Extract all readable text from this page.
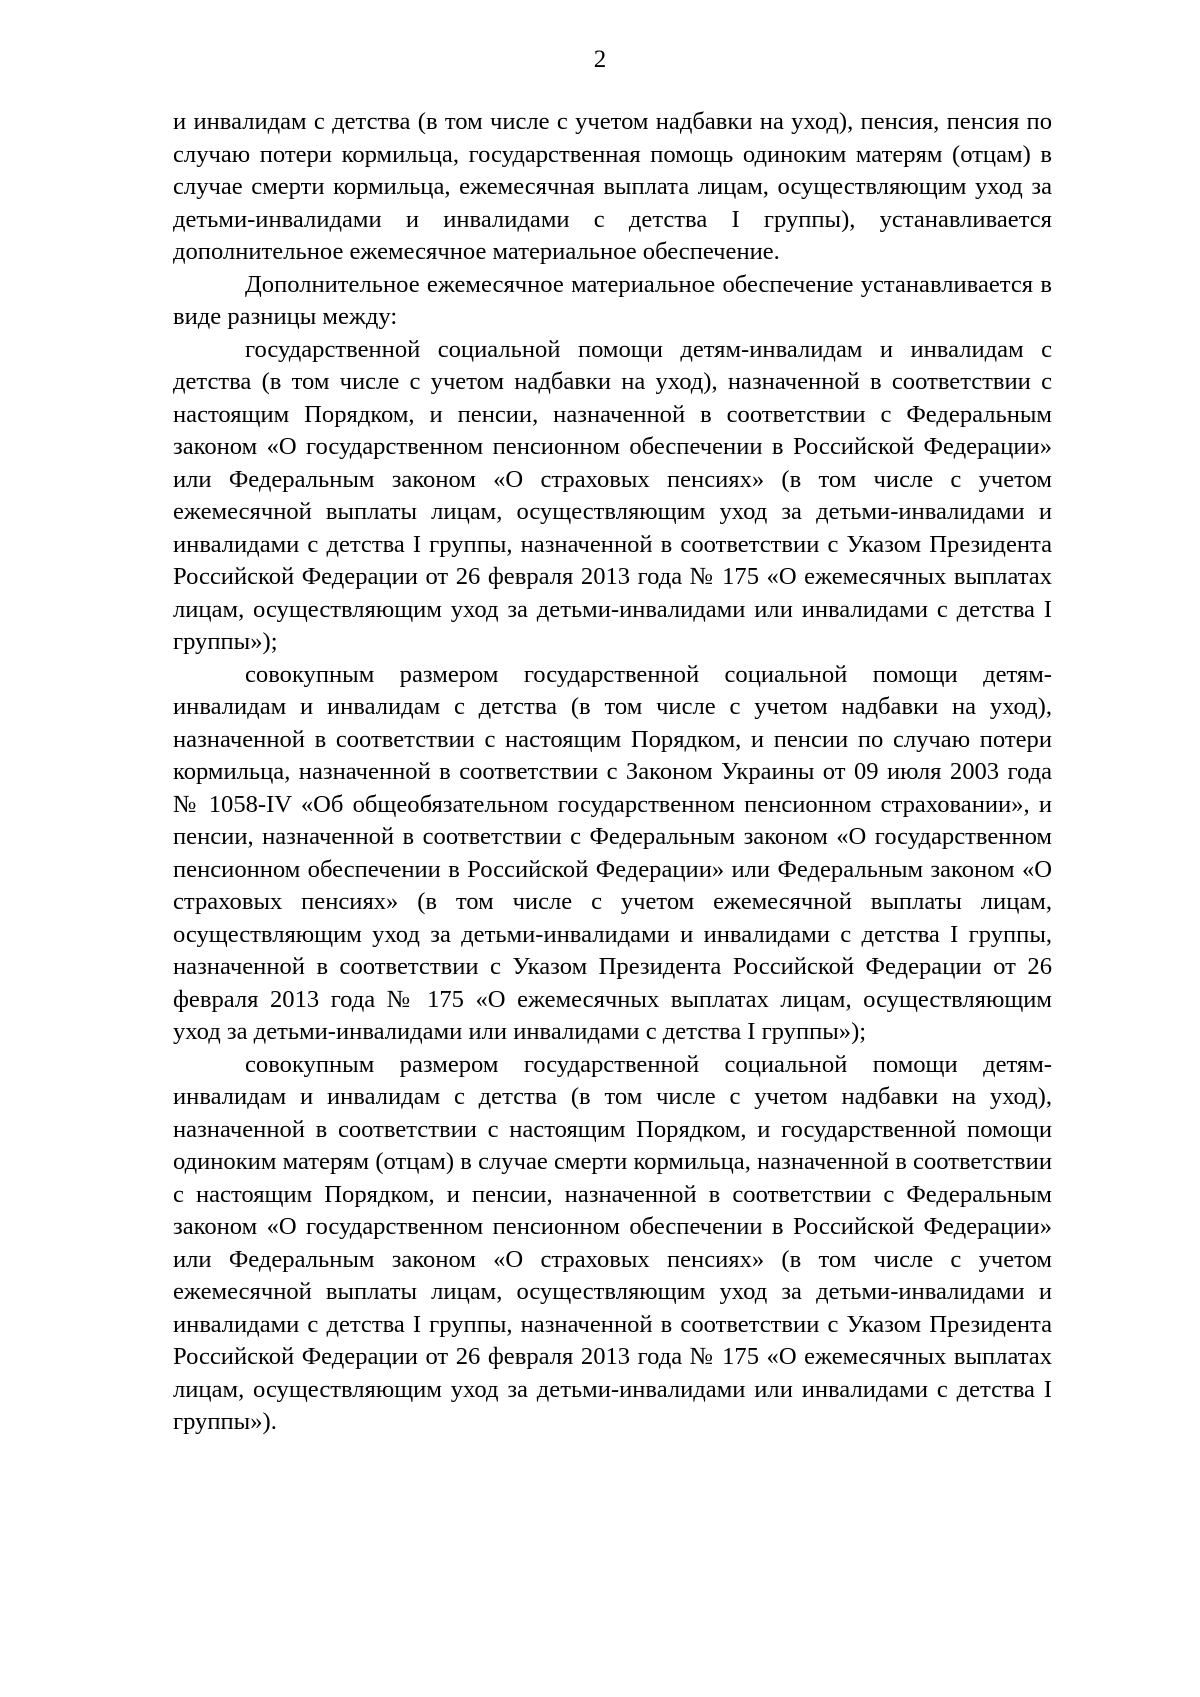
2

и инвалидам с детства (в том числе с учетом надбавки на уход), пенсия, пенсия по случаю потери кормильца, государственная помощь одиноким матерям (отцам) в случае смерти кормильца, ежемесячная выплата лицам, осуществляющим уход за детьми-инвалидами и инвалидами с детства I группы), устанавливается дополнительное ежемесячное материальное обеспечение.

Дополнительное ежемесячное материальное обеспечение устанавливается в виде разницы между:

государственной социальной помощи детям-инвалидам и инвалидам с детства (в том числе с учетом надбавки на уход), назначенной в соответствии с настоящим Порядком, и пенсии, назначенной в соответствии с Федеральным законом «О государственном пенсионном обеспечении в Российской Федерации» или Федеральным законом «О страховых пенсиях» (в том числе с учетом ежемесячной выплаты лицам, осуществляющим уход за детьми-инвалидами и инвалидами с детства I группы, назначенной в соответствии с Указом Президента Российской Федерации от 26 февраля 2013 года № 175 «О ежемесячных выплатах лицам, осуществляющим уход за детьми-инвалидами или инвалидами с детства I группы»);

совокупным размером государственной социальной помощи детям-инвалидам и инвалидам с детства (в том числе с учетом надбавки на уход), назначенной в соответствии с настоящим Порядком, и пенсии по случаю потери кормильца, назначенной в соответствии с Законом Украины от 09 июля 2003 года № 1058-IV «Об общеобязательном государственном пенсионном страховании», и пенсии, назначенной в соответствии с Федеральным законом «О государственном пенсионном обеспечении в Российской Федерации» или Федеральным законом «О страховых пенсиях» (в том числе с учетом ежемесячной выплаты лицам, осуществляющим уход за детьми-инвалидами и инвалидами с детства I группы, назначенной в соответствии с Указом Президента Российской Федерации от 26 февраля 2013 года № 175 «О ежемесячных выплатах лицам, осуществляющим уход за детьми-инвалидами или инвалидами с детства I группы»);

совокупным размером государственной социальной помощи детям-инвалидам и инвалидам с детства (в том числе с учетом надбавки на уход), назначенной в соответствии с настоящим Порядком, и государственной помощи одиноким матерям (отцам) в случае смерти кормильца, назначенной в соответствии с настоящим Порядком, и пенсии, назначенной в соответствии с Федеральным законом «О государственном пенсионном обеспечении в Российской Федерации» или Федеральным законом «О страховых пенсиях» (в том числе с учетом ежемесячной выплаты лицам, осуществляющим уход за детьми-инвалидами и инвалидами с детства I группы, назначенной в соответствии с Указом Президента Российской Федерации от 26 февраля 2013 года № 175 «О ежемесячных выплатах лицам, осуществляющим уход за детьми-инвалидами или инвалидами с детства I группы»).
